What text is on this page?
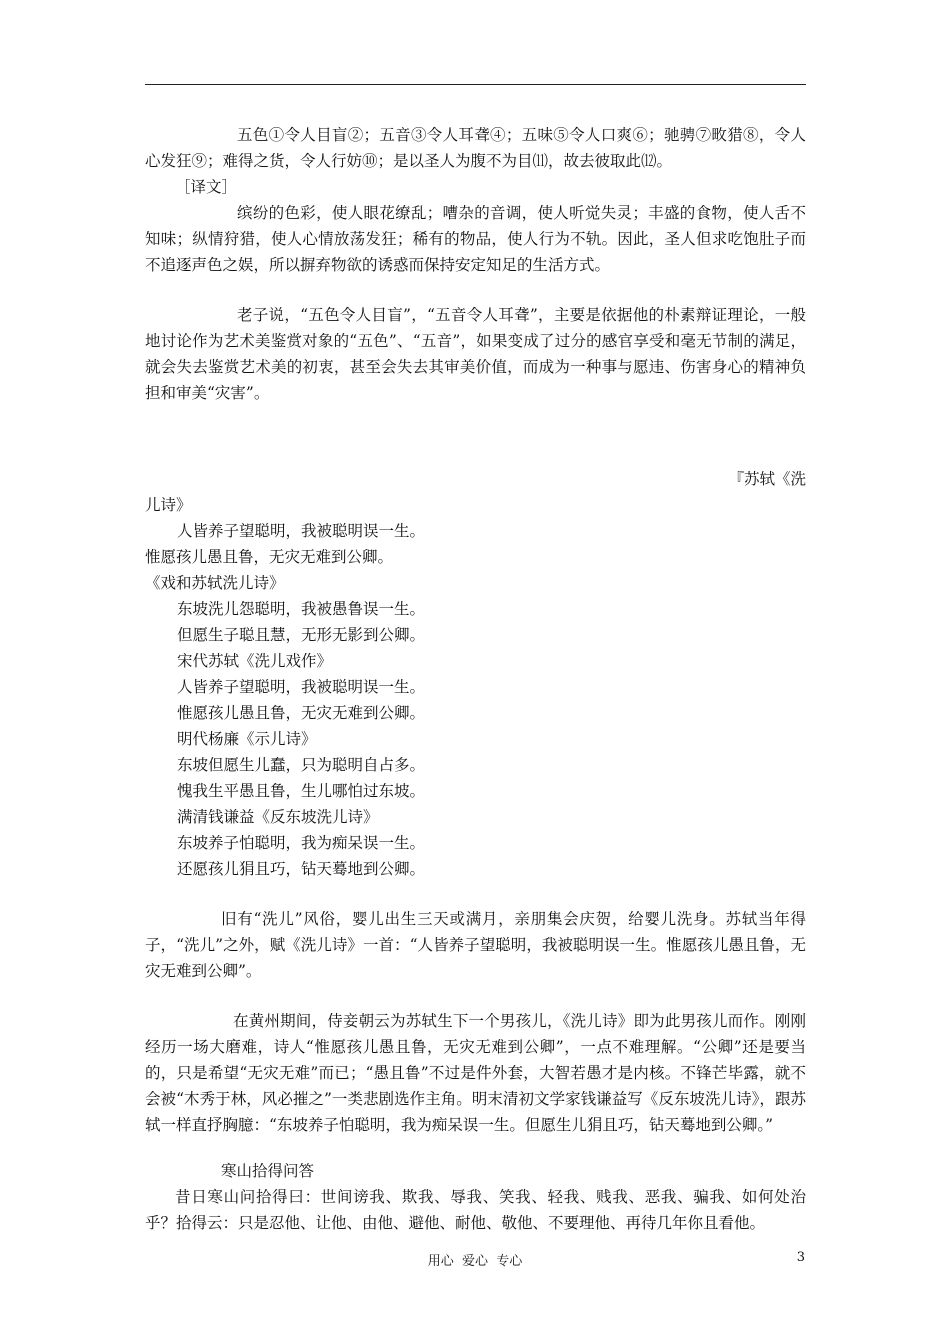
五色①令人目盲②；五音③令人耳聋④；五味⑤令人口爽⑥；驰骋⑦畋猎⑧，令人心发狂⑨；难得之货，令人行妨⑩；是以圣人为腹不为目⑾，故去彼取此⑿。

［译文］

缤纷的色彩，使人眼花缭乱；嘈杂的音调，使人听觉失灵；丰盛的食物，使人舌不知味；纵情狩猎，使人心情放荡发狂；稀有的物品，使人行为不轨。因此，圣人但求吃饱肚子而不追逐声色之娱，所以摒弃物欲的诱惑而保持安定知足的生活方式。

老子说，“五色令人目盲”，“五音令人耳聋”，主要是依据他的朴素辩证理论，一般地讨论作为艺术美鉴赏对象的“五色”、“五音”，如果变成了过分的感官享受和毫无节制的满足，就会失去鉴赏艺术美的初衷，甚至会失去其审美价值，而成为一种事与愿违、伤害身心的精神负担和审美“灾害”。

『苏轼《洗

儿诗》

人皆养子望聪明，我被聪明误一生。

惟愿孩儿愚且鲁，无灾无难到公卿。

《戏和苏轼洗儿诗》

东坡洗儿怨聪明，我被愚鲁误一生。

但愿生子聪且慧，无形无影到公卿。

宋代苏轼《洗儿戏作》

人皆养子望聪明，我被聪明误一生。

惟愿孩儿愚且鲁，无灾无难到公卿。

明代杨廉《示儿诗》

东坡但愿生儿蠢，只为聪明自占多。

愧我生平愚且鲁，生儿哪怕过东坡。

满清钱谦益《反东坡洗儿诗》

东坡养子怕聪明，我为痴呆误一生。

还愿孩儿狷且巧，钻天蓦地到公卿。

旧有“洗儿”风俗，婴儿出生三天或满月，亲朋集会庆贺，给婴儿洗身。苏轼当年得子，“洗儿”之外，赋《洗儿诗》一首：“人皆养子望聪明，我被聪明误一生。惟愿孩儿愚且鲁，无灾无难到公卿”。

在黄州期间，侍妾朝云为苏轼生下一个男孩儿，《洗儿诗》即为此男孩儿而作。刚刚经历一场大磨难，诗人“惟愿孩儿愚且鲁，无灾无难到公卿”，一点不难理解。“公卿”还是要当的，只是希望“无灾无难”而已；“愚且鲁”不过是件外套，大智若愚才是内核。不锋芒毕露，就不会被“木秀于林，风必摧之”一类悲剧选作主角。明末清初文学家钱谦益写《反东坡洗儿诗》，跟苏轼一样直抒胸臆：“东坡养子怕聪明，我为痴呆误一生。但愿生儿狷且巧，钻天蓦地到公卿。”

寒山拾得问答

昔日寒山问拾得曰：世间谤我、欺我、辱我、笑我、轻我、贱我、恶我、骗我、如何处治乎？拾得云：只是忍他、让他、由他、避他、耐他、敬他、不要理他、再待几年你且看他。

用心  爱心  专心	3
